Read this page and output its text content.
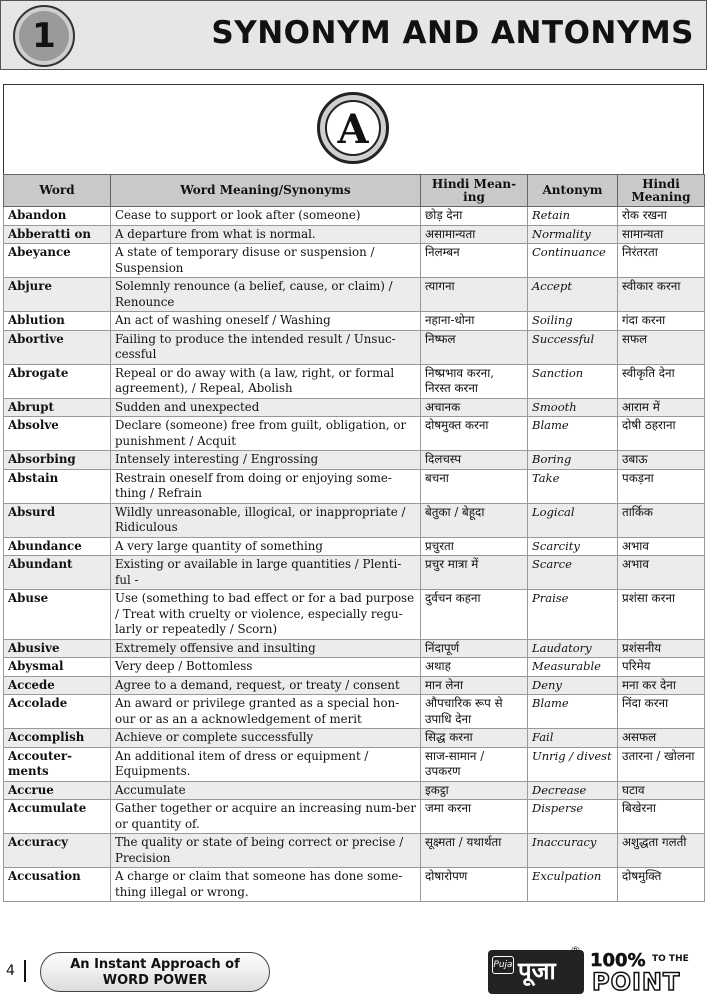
1	SYNONYM AND ANTONYMS
A
Word	Word Meaning/Synonyms	Hindi Mean-ing	Antonym	Hindi Meaning
Abandon	Cease to support or look after (someone)	छोड़ देना	Retain	रोक रखना
Abberatti on	A departure from what is normal.	असामान्यता	Normality	सामान्यता
Abeyance	A state of temporary disuse or suspension / Suspension	निलम्बन	Continuance	निरंतरता
Abjure	Solemnly renounce (a belief, cause, or claim) / Renounce	त्यागना	Accept	स्वीकार करना
Ablution	An act of washing oneself / Washing	नहाना-धोना	Soiling	गंदा करना
Abortive	Failing to produce the intended result / Unsuc-cessful	निष्फल	Successful	सफल
Abrogate	Repeal or do away with (a law, right, or formal agreement), / Repeal, Abolish	निष्प्रभाव करना, निरस्त करना	Sanction	स्वीकृति देना
Abrupt	Sudden and unexpected	अचानक	Smooth	आराम में
Absolve	Declare (someone) free from guilt, obligation, or punishment / Acquit	दोषमुक्त करना	Blame	दोषी ठहराना
Absorbing	Intensely interesting / Engrossing	दिलचस्प	Boring	उबाऊ
Abstain	Restrain oneself from doing or enjoying some-thing / Refrain	बचना	Take	पकड़ना
Absurd	Wildly unreasonable, illogical, or inappropriate / Ridiculous	बेतुका / बेहूदा	Logical	तार्किक
Abundance	A very large quantity of something	प्रचुरता	Scarcity	अभाव
Abundant	Existing or available in large quantities / Plenti-ful -	प्रचुर मात्रा में	Scarce	अभाव
Abuse	Use (something to bad effect or for a bad purpose / Treat with cruelty or violence, especially regu-larly or repeatedly / Scorn)	दुर्वचन कहना	Praise	प्रशंसा करना
Abusive	Extremely offensive and insulting	निंदापूर्ण	Laudatory	प्रशंसनीय
Abysmal	Very deep / Bottomless	अथाह	Measurable	परिमेय
Accede	Agree to a demand, request, or treaty / consent	मान लेना	Deny	मना कर देना
Accolade	An award or privilege granted as a special hon-our or as an a acknowledgement of merit	औपचारिक रूप से उपाधि देना	Blame	निंदा करना
Accomplish	Achieve or complete successfully	सिद्ध करना	Fail	असफल
Accouter-ments	An additional item of dress or equipment / Equipments.	साज-सामान / उपकरण	Unrig / divest	उतारना / खोलना
Accrue	Accumulate	इकट्ठा	Decrease	घटाव
Accumulate	Gather together or acquire an increasing num-ber or quantity of.	जमा करना	Disperse	बिखेरना
Accuracy	The quality or state of being correct or precise / Precision	सूक्ष्मता / यथार्थता	Inaccuracy	अशुद्धता गलती
Accusation	A charge or claim that someone has done some-thing illegal or wrong.	दोषारोपण	Exculpation	दोषमुक्ति
4	An Instant Approach of
WORD POWER
Puja पूजा
® 100% TO THE
POINT
